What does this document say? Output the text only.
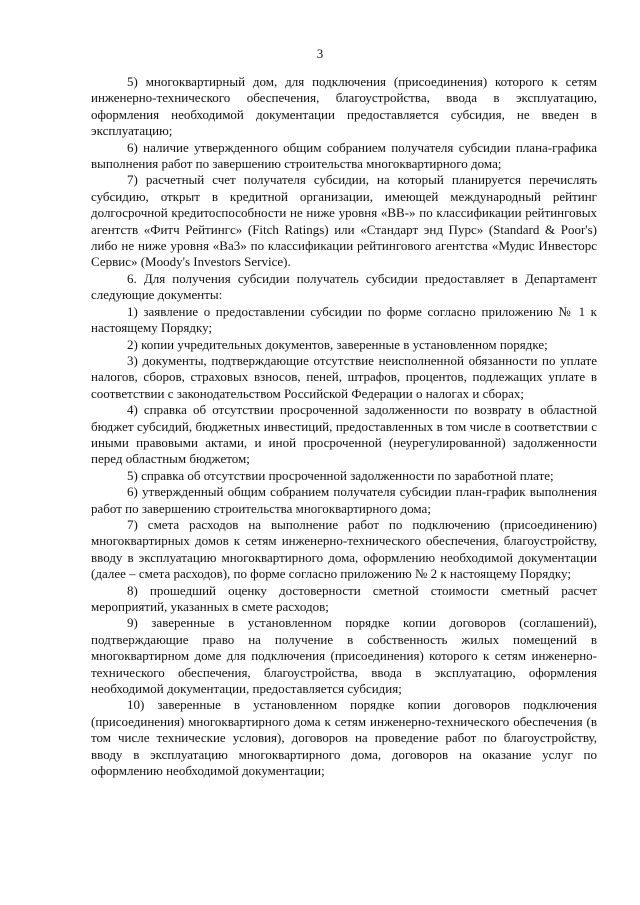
3

5) многоквартирный дом, для подключения (присоединения) которого к сетям инженерно-технического обеспечения, благоустройства, ввода в эксплуатацию, оформления необходимой документации предоставляется субсидия, не введен в эксплуатацию;

6) наличие утвержденного общим собранием получателя субсидии плана-графика выполнения работ по завершению строительства многоквартирного дома;

7) расчетный счет получателя субсидии, на который планируется перечислять субсидию, открыт в кредитной организации, имеющей международный рейтинг долгосрочной кредитоспособности не ниже уровня «ВВ-» по классификации рейтинговых агентств «Фитч Рейтингс» (Fitch Ratings) или «Стандарт энд Пурс» (Standard & Poor's) либо не ниже уровня «Ba3» по классификации рейтингового агентства «Мудис Инвесторс Сервис» (Moody's Investors Service).

6. Для получения субсидии получатель субсидии предоставляет в Департамент следующие документы:

1) заявление о предоставлении субсидии по форме согласно приложению № 1 к настоящему Порядку;

2) копии учредительных документов, заверенные в установленном порядке;

3) документы, подтверждающие отсутствие неисполненной обязанности по уплате налогов, сборов, страховых взносов, пеней, штрафов, процентов, подлежащих уплате в соответствии с законодательством Российской Федерации о налогах и сборах;

4) справка об отсутствии просроченной задолженности по возврату в областной бюджет субсидий, бюджетных инвестиций, предоставленных в том числе в соответствии с иными правовыми актами, и иной просроченной (неурегулированной) задолженности перед областным бюджетом;

5) справка об отсутствии просроченной задолженности по заработной плате;

6) утвержденный общим собранием получателя субсидии план-график выполнения работ по завершению строительства многоквартирного дома;

7) смета расходов на выполнение работ по подключению (присоединению) многоквартирных домов к сетям инженерно-технического обеспечения, благоустройству, вводу в эксплуатацию многоквартирного дома, оформлению необходимой документации (далее – смета расходов), по форме согласно приложению № 2 к настоящему Порядку;

8) прошедший оценку достоверности сметной стоимости сметный расчет мероприятий, указанных в смете расходов;

9) заверенные в установленном порядке копии договоров (соглашений), подтверждающие право на получение в собственность жилых помещений в многоквартирном доме для подключения (присоединения) которого к сетям инженерно-технического обеспечения, благоустройства, ввода в эксплуатацию, оформления необходимой документации, предоставляется субсидия;

10) заверенные в установленном порядке копии договоров подключения (присоединения) многоквартирного дома к сетям инженерно-технического обеспечения (в том числе технические условия), договоров на проведение работ по благоустройству, вводу в эксплуатацию многоквартирного дома, договоров на оказание услуг по оформлению необходимой документации;
